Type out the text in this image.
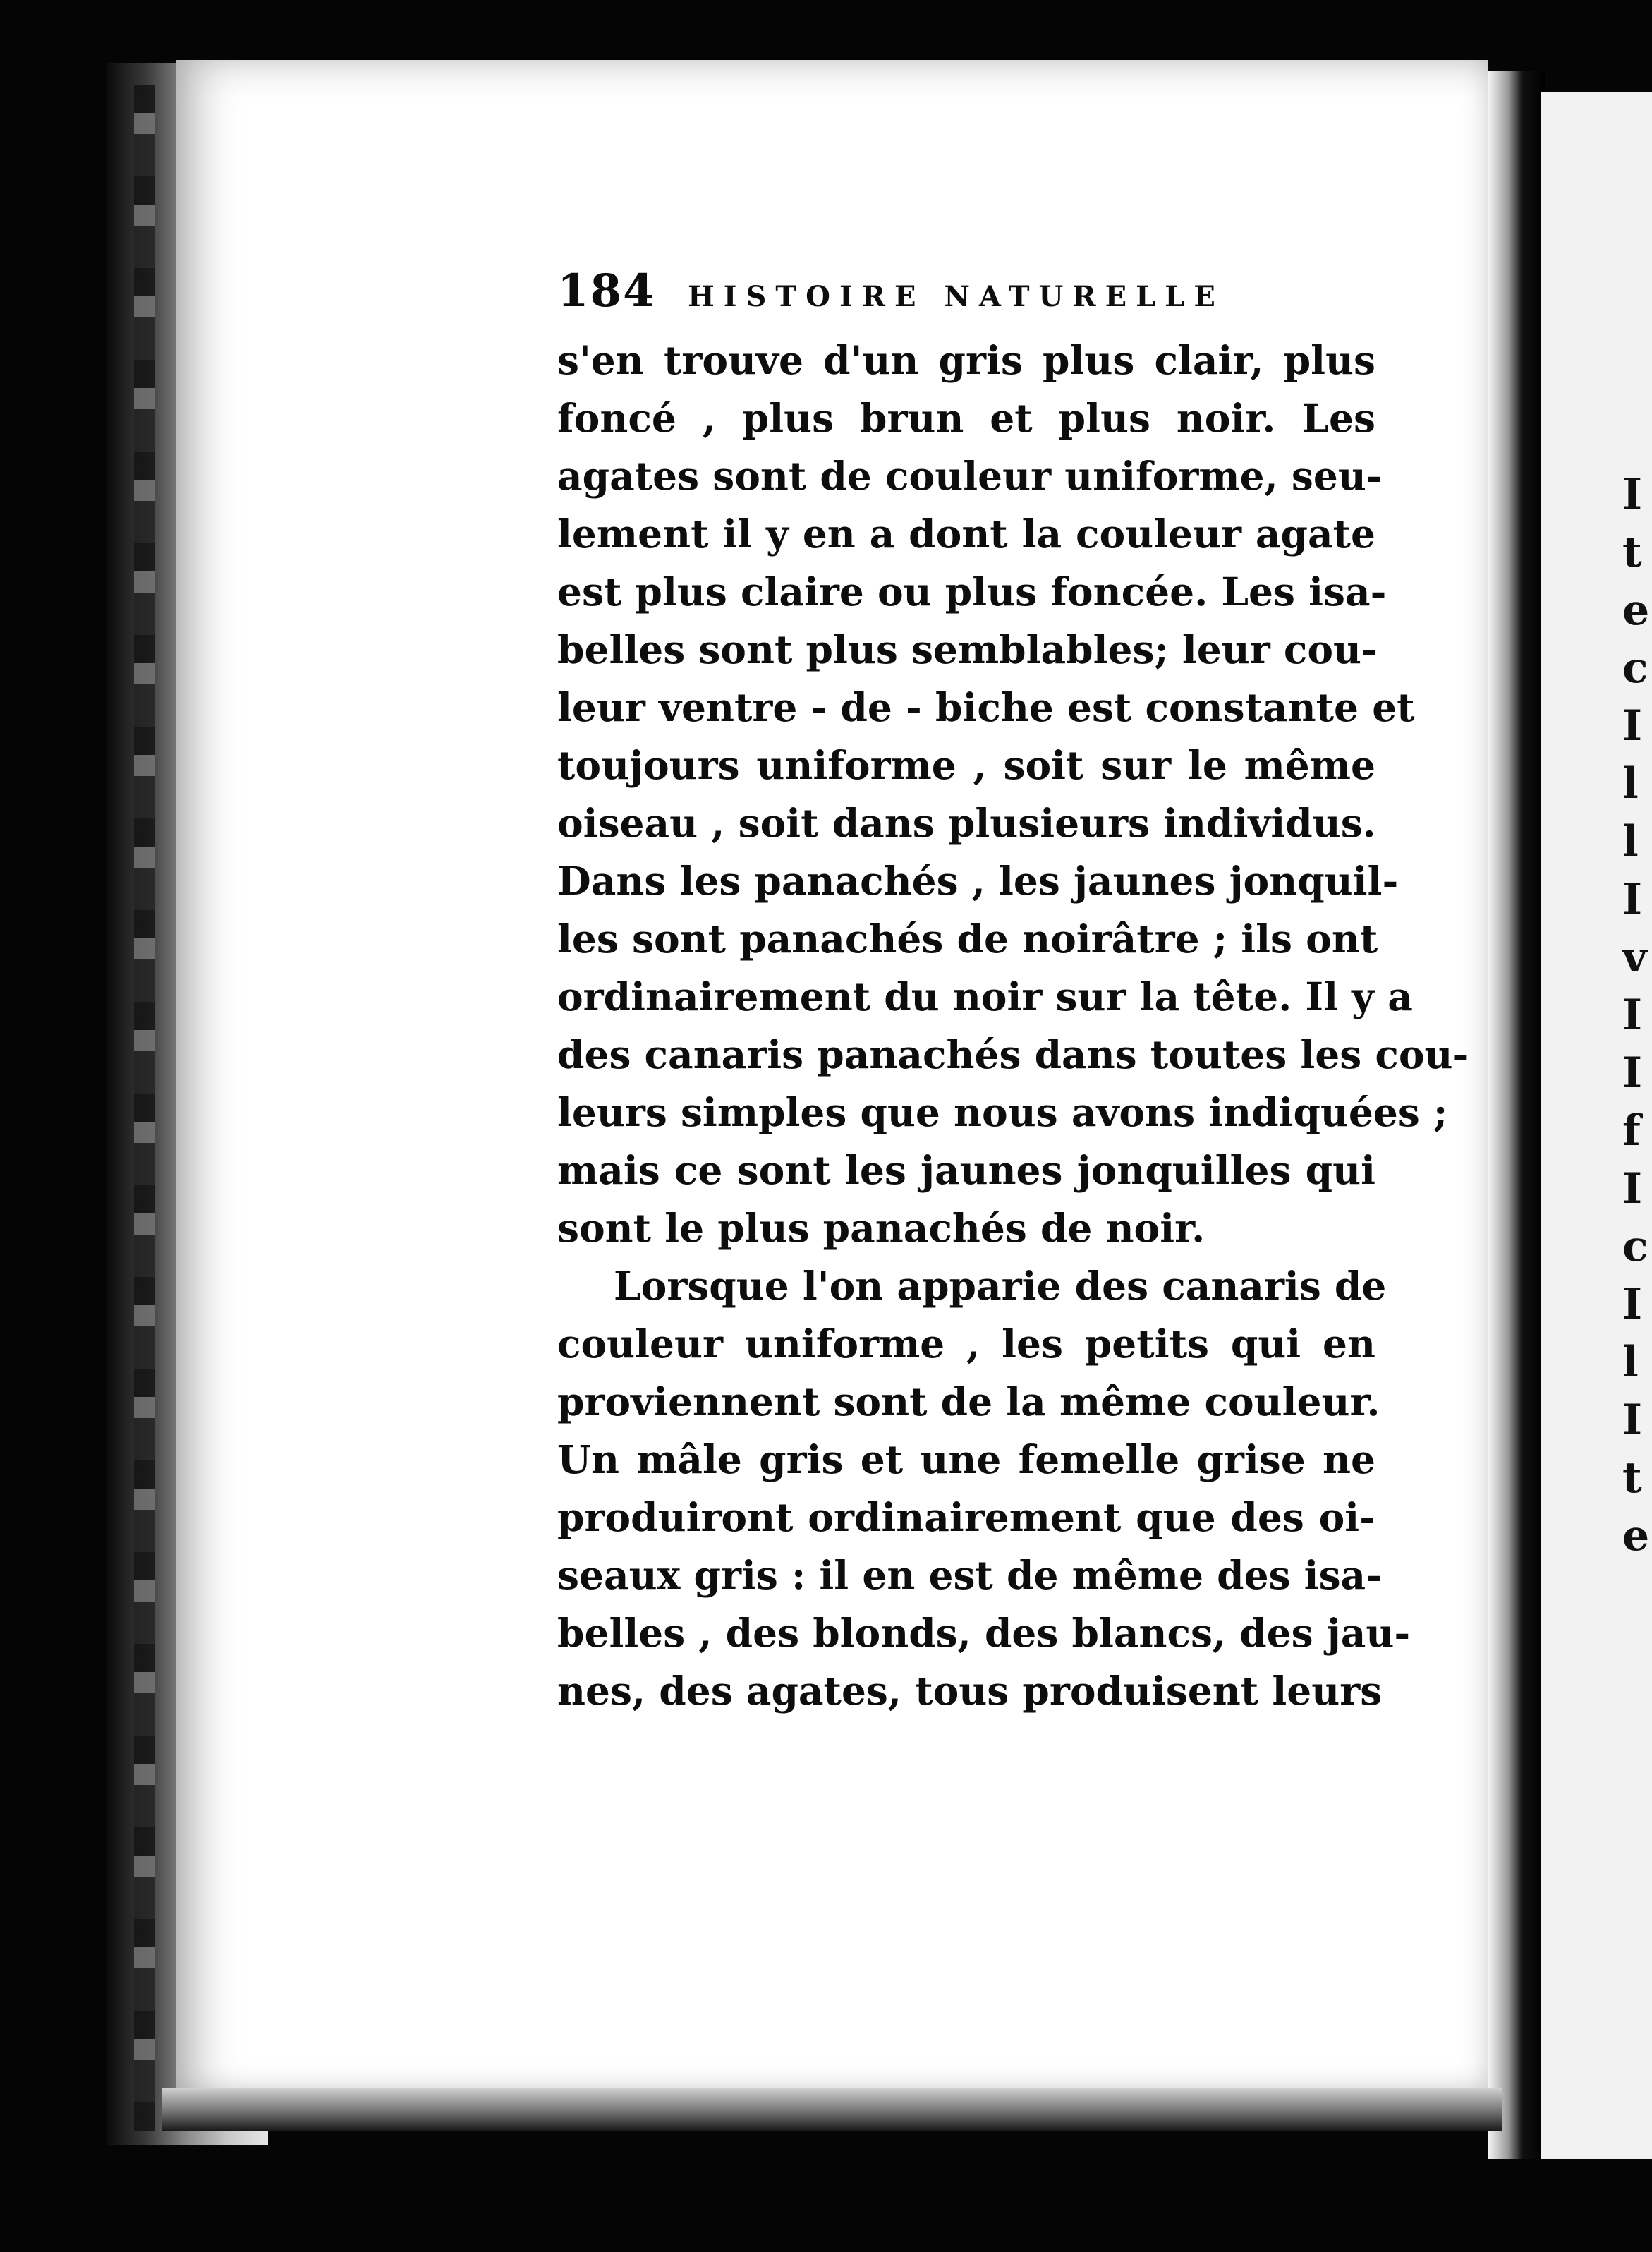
I
t
e
c
I
l
l
I
v
I
I
f
I
c
I
l
I
t
e
184	HISTOIRE NATURELLE
s'en trouve d'un gris plus clair, plus
foncé , plus brun et plus noir. Les
agates sont de couleur uniforme, seu-
lement il y en a dont la couleur agate
est plus claire ou plus foncée. Les isa-
belles sont plus semblables; leur cou-
leur ventre - de - biche est constante et
toujours uniforme , soit sur le même
oiseau , soit dans plusieurs individus.
Dans les panachés , les jaunes jonquil-
les sont panachés de noirâtre ; ils ont
ordinairement du noir sur la tête. Il y a
des canaris panachés dans toutes les cou-
leurs simples que nous avons indiquées ;
mais ce sont les jaunes jonquilles qui
sont le plus panachés de noir.
Lorsque l'on apparie des canaris de
couleur uniforme , les petits qui en
proviennent sont de la même couleur.
Un mâle gris et une femelle grise ne
produiront ordinairement que des oi-
seaux gris : il en est de même des isa-
belles , des blonds, des blancs, des jau-
nes, des agates, tous produisent leurs
